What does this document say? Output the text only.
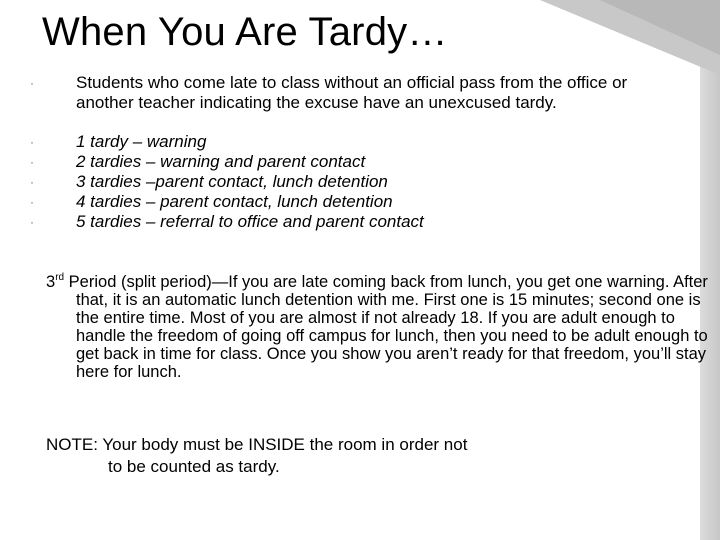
When You Are Tardy…
·	Students who come late to class without an official pass from the office or another teacher indicating the excuse have an unexcused tardy.
·	1 tardy – warning
·	2 tardies – warning and parent contact
·	3 tardies –parent contact, lunch detention
·	4 tardies – parent contact, lunch detention
·	5 tardies – referral to office and parent contact
3rd Period (split period)—If you are late coming back from lunch, you get one warning. After that, it is an automatic lunch detention with me. First one is 15 minutes; second one is the entire time. Most of you are almost if not already 18. If you are adult enough to handle the freedom of going off campus for lunch, then you need to be adult enough to get back in time for class. Once you show you aren’t ready for that freedom, you’ll stay here for lunch.
NOTE: Your body must be INSIDE the room in order not
to be counted as tardy.
